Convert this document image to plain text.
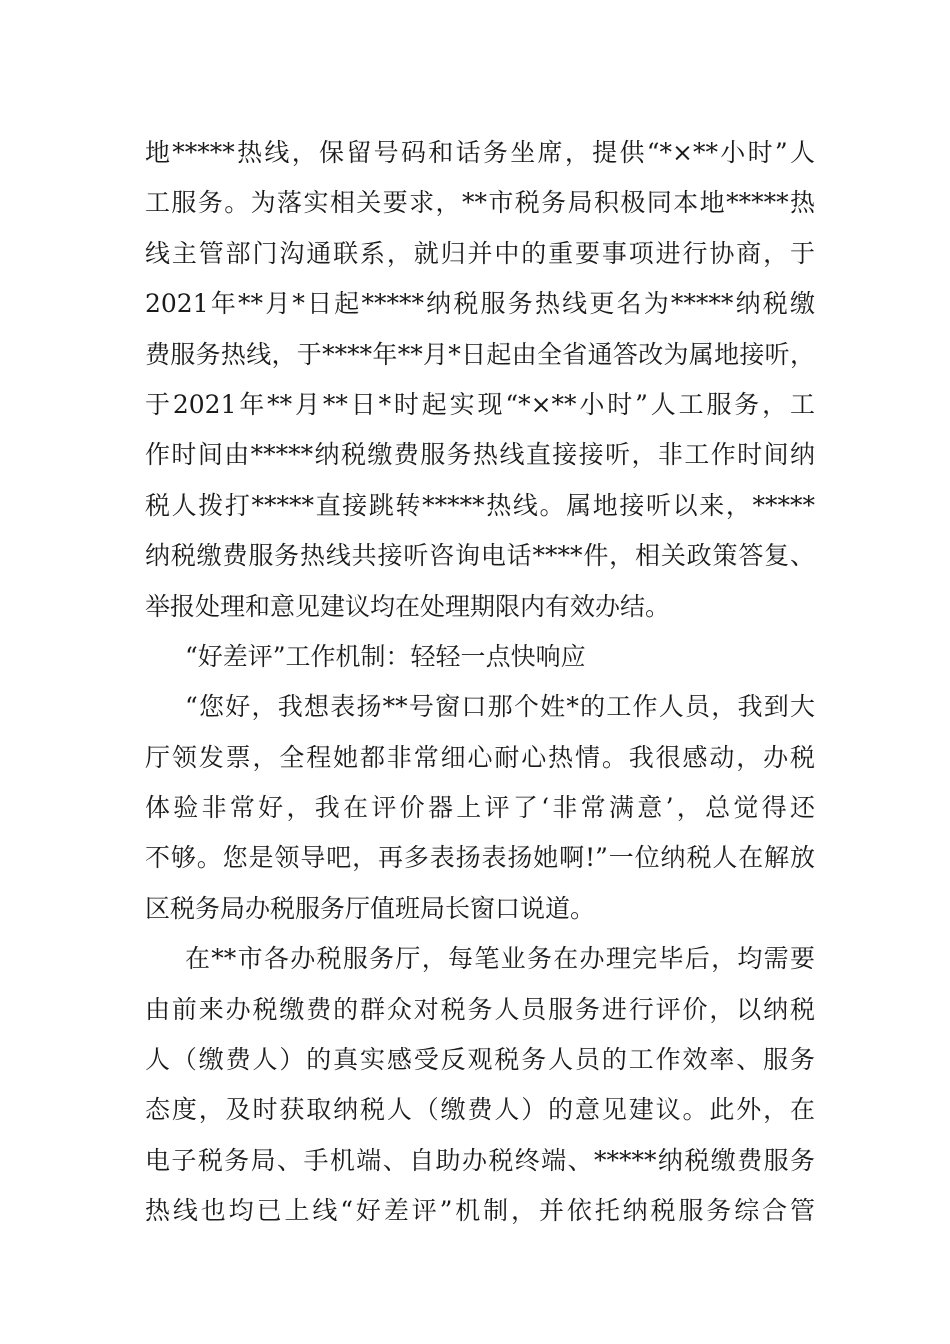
地*****热线，保留号码和话务坐席，提供“*×**小时”人
工服务。为落实相关要求，**市税务局积极同本地*****热
线主管部门沟通联系，就归并中的重要事项进行协商，于
2021年**月*日起*****纳税服务热线更名为*****纳税缴
费服务热线，于****年**月*日起由全省通答改为属地接听，
于2021年**月**日*时起实现“*×**小时”人工服务，工
作时间由*****纳税缴费服务热线直接接听，非工作时间纳
税人拨打*****直接跳转*****热线。属地接听以来，*****
纳税缴费服务热线共接听咨询电话****件，相关政策答复、
举报处理和意见建议均在处理期限内有效办结。
“好差评”工作机制：轻轻一点快响应
“您好，我想表扬**号窗口那个姓*的工作人员，我到大
厅领发票，全程她都非常细心耐心热情。我很感动，办税
体验非常好，我在评价器上评了‘非常满意’，总觉得还
不够。您是领导吧，再多表扬表扬她啊!”一位纳税人在解放
区税务局办税服务厅值班局长窗口说道。
在**市各办税服务厅，每笔业务在办理完毕后，均需要
由前来办税缴费的群众对税务人员服务进行评价，以纳税
人（缴费人）的真实感受反观税务人员的工作效率、服务
态度，及时获取纳税人（缴费人）的意见建议。此外，在
电子税务局、手机端、自助办税终端、*****纳税缴费服务
热线也均已上线“好差评”机制，并依托纳税服务综合管
